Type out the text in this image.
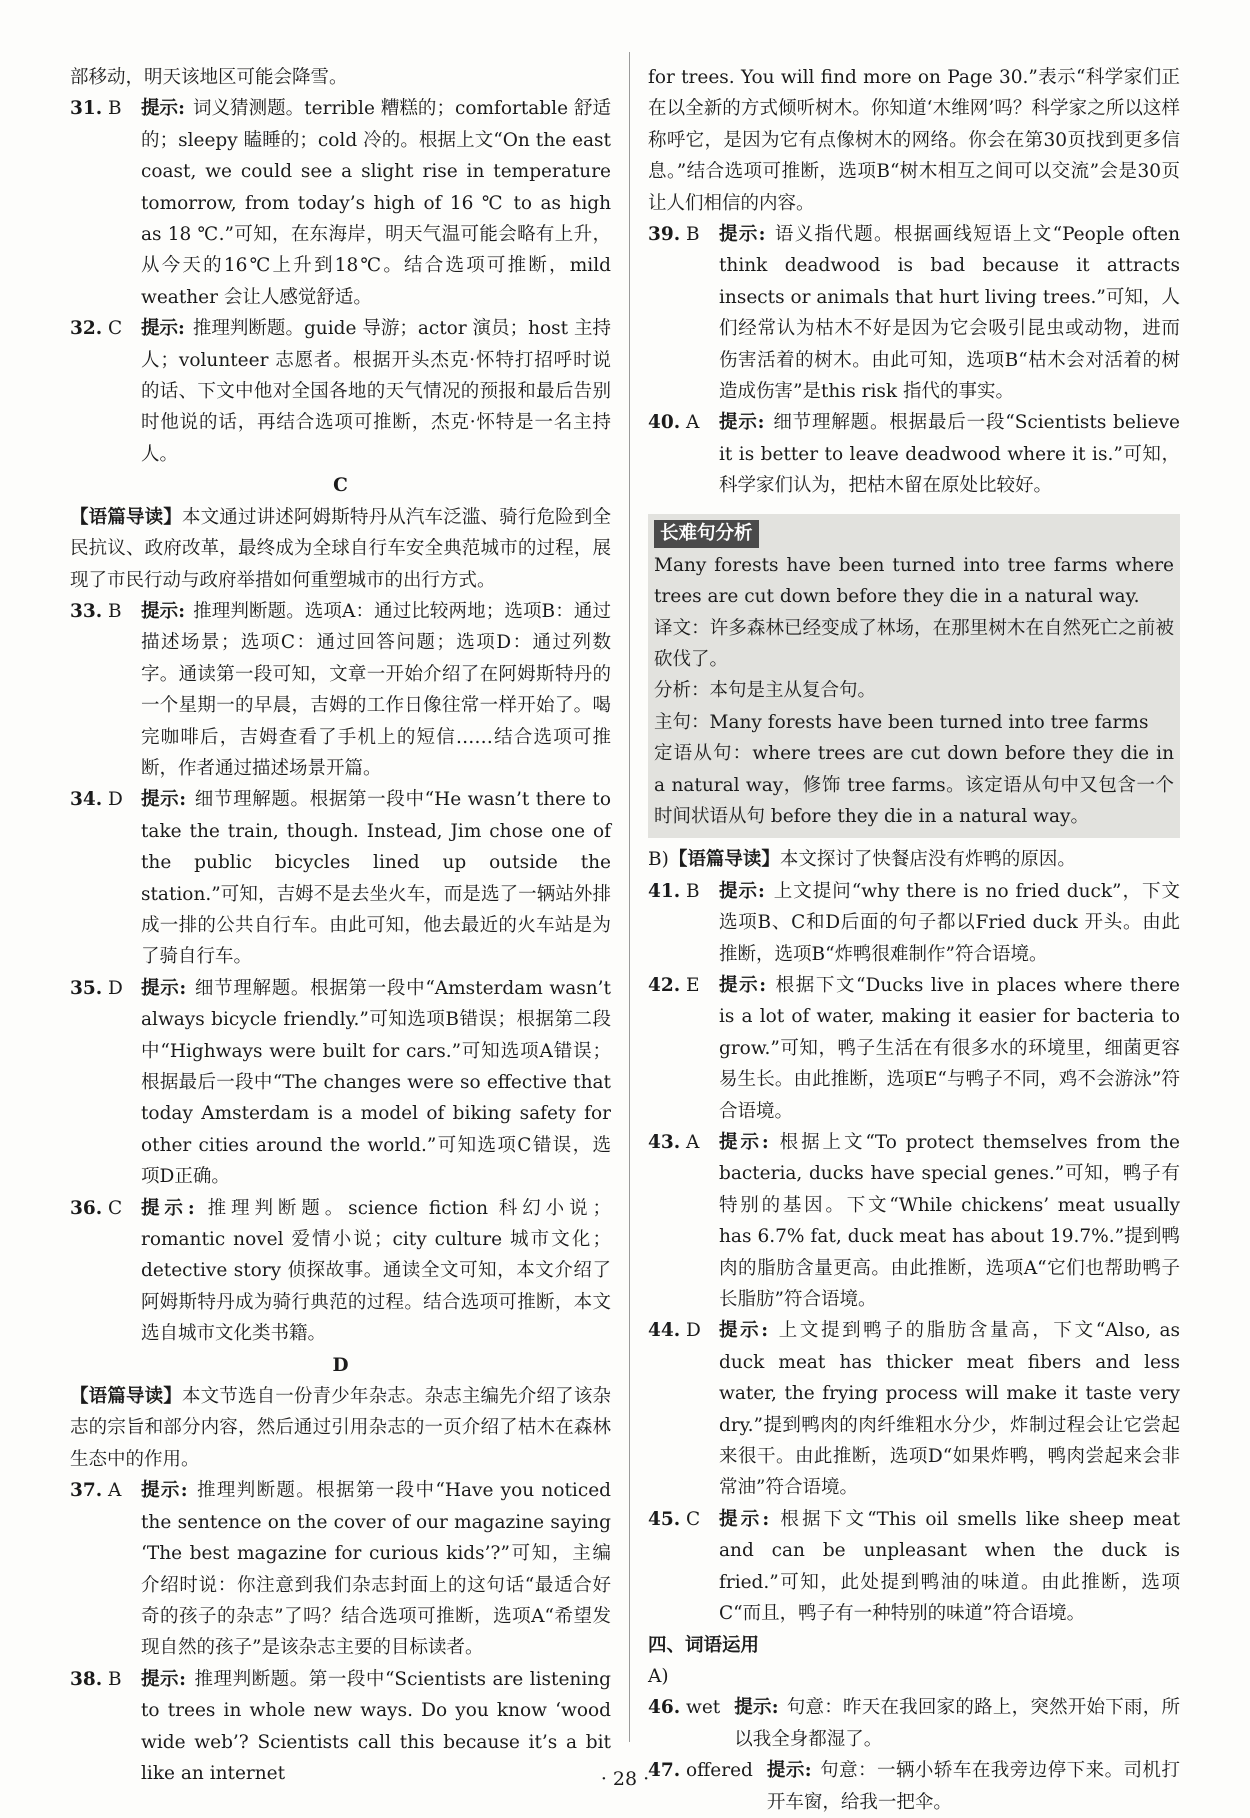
部移动，明天该地区可能会降雪。

31. B	提示: 词义猜测题。terrible 糟糕的；comfortable 舒适的；sleepy 瞌睡的；cold 冷的。根据上文“On the east coast, we could see a slight rise in temperature tomorrow, from today’s high of 16 ℃ to as high as 18 ℃.”可知，在东海岸，明天气温可能会略有上升，从今天的16℃上升到18℃。结合选项可推断，mild weather 会让人感觉舒适。
32. C	提示: 推理判断题。guide 导游；actor 演员；host 主持人；volunteer 志愿者。根据开头杰克·怀特打招呼时说的话、下文中他对全国各地的天气情况的预报和最后告别时他说的话，再结合选项可推断，杰克·怀特是一名主持人。

C

【语篇导读】本文通过讲述阿姆斯特丹从汽车泛滥、骑行危险到全民抗议、政府改革，最终成为全球自行车安全典范城市的过程，展现了市民行动与政府举措如何重塑城市的出行方式。

33. B	提示: 推理判断题。选项A：通过比较两地；选项B：通过描述场景；选项C：通过回答问题；选项D：通过列数字。通读第一段可知，文章一开始介绍了在阿姆斯特丹的一个星期一的早晨，吉姆的工作日像往常一样开始了。喝完咖啡后，吉姆查看了手机上的短信……结合选项可推断，作者通过描述场景开篇。
34. D 提示: 细节理解题。根据第一段中“He wasn’t there to take the train, though. Instead, Jim chose one of the public bicycles lined up outside the station.”可知，吉姆不是去坐火车，而是选了一辆站外排成一排的公共自行车。由此可知，他去最近的火车站是为了骑自行车。
35. D 提示: 细节理解题。根据第一段中“Amsterdam wasn’t always bicycle friendly.”可知选项B错误；根据第二段中“Highways were built for cars.”可知选项A错误；根据最后一段中“The changes were so effective that today Amsterdam is a model of biking safety for other cities around the world.”可知选项C错误，选项D正确。
36. C	提示: 推理判断题。science fiction 科幻小说；romantic novel 爱情小说；city culture 城市文化；detective story 侦探故事。通读全文可知，本文介绍了阿姆斯特丹成为骑行典范的过程。结合选项可推断，本文选自城市文化类书籍。

D

【语篇导读】本文节选自一份青少年杂志。杂志主编先介绍了该杂志的宗旨和部分内容，然后通过引用杂志的一页介绍了枯木在森林生态中的作用。

37. A	提示: 推理判断题。根据第一段中“Have you noticed the sentence on the cover of our magazine saying ‘The best magazine for curious kids’?”可知，主编介绍时说：你注意到我们杂志封面上的这句话“最适合好奇的孩子的杂志”了吗？结合选项可推断，选项A“希望发现自然的孩子”是该杂志主要的目标读者。
38. B	提示: 推理判断题。第一段中“Scientists are listening to trees in whole new ways. Do you know ‘wood wide web’? Scientists call this because it’s a bit like an internet

for trees. You will find more on Page 30.”表示“科学家们正在以全新的方式倾听树木。你知道‘木维网’吗？科学家之所以这样称呼它，是因为它有点像树木的网络。你会在第30页找到更多信息。”结合选项可推断，选项B“树木相互之间可以交流”会是30页让人们相信的内容。

39. B	提示: 语义指代题。根据画线短语上文“People often think deadwood is bad because it attracts insects or animals that hurt living trees.”可知，人们经常认为枯木不好是因为它会吸引昆虫或动物，进而伤害活着的树木。由此可知，选项B“枯木会对活着的树造成伤害”是this risk 指代的事实。
40. A	提示: 细节理解题。根据最后一段“Scientists believe it is better to leave deadwood where it is.”可知，科学家们认为，把枯木留在原处比较好。
长难句分析

Many forests have been turned into tree farms where trees are cut down before they die in a natural way.

译文：许多森林已经变成了林场，在那里树木在自然死亡之前被砍伐了。

分析：本句是主从复合句。

主句：Many forests have been turned into tree farms

定语从句：where trees are cut down before they die in a natural way，修饰 tree farms。该定语从句中又包含一个时间状语从句 before they die in a natural way。

B)【语篇导读】本文探讨了快餐店没有炸鸭的原因。

41. B	提示: 上文提问“why there is no fried duck”，下文选项B、C和D后面的句子都以Fried duck 开头。由此推断，选项B“炸鸭很难制作”符合语境。
42. E	提示: 根据下文“Ducks live in places where there is a lot of water, making it easier for bacteria to grow.”可知，鸭子生活在有很多水的环境里，细菌更容易生长。由此推断，选项E“与鸭子不同，鸡不会游泳”符合语境。
43. A	提示: 根据上文“To protect themselves from the bacteria, ducks have special genes.”可知，鸭子有特别的基因。下文“While chickens’ meat usually has 6.7% fat, duck meat has about 19.7%.”提到鸭肉的脂肪含量更高。由此推断，选项A“它们也帮助鸭子长脂肪”符合语境。
44. D 提示: 上文提到鸭子的脂肪含量高，下文“Also, as duck meat has thicker meat fibers and less water, the frying process will make it taste very dry.”提到鸭肉的肉纤维粗水分少，炸制过程会让它尝起来很干。由此推断，选项D“如果炸鸭，鸭肉尝起来会非常油”符合语境。
45. C	提示: 根据下文“This oil smells like sheep meat and can be unpleasant when the duck is fried.”可知，此处提到鸭油的味道。由此推断，选项C“而且，鸭子有一种特别的味道”符合语境。

四、词语运用

A)

46. wet 提示: 句意：昨天在我回家的路上，突然开始下雨，所以我全身都湿了。
47. offered 提示: 句意：一辆小轿车在我旁边停下来。司机打开车窗，给我一把伞。
· 28 ·
